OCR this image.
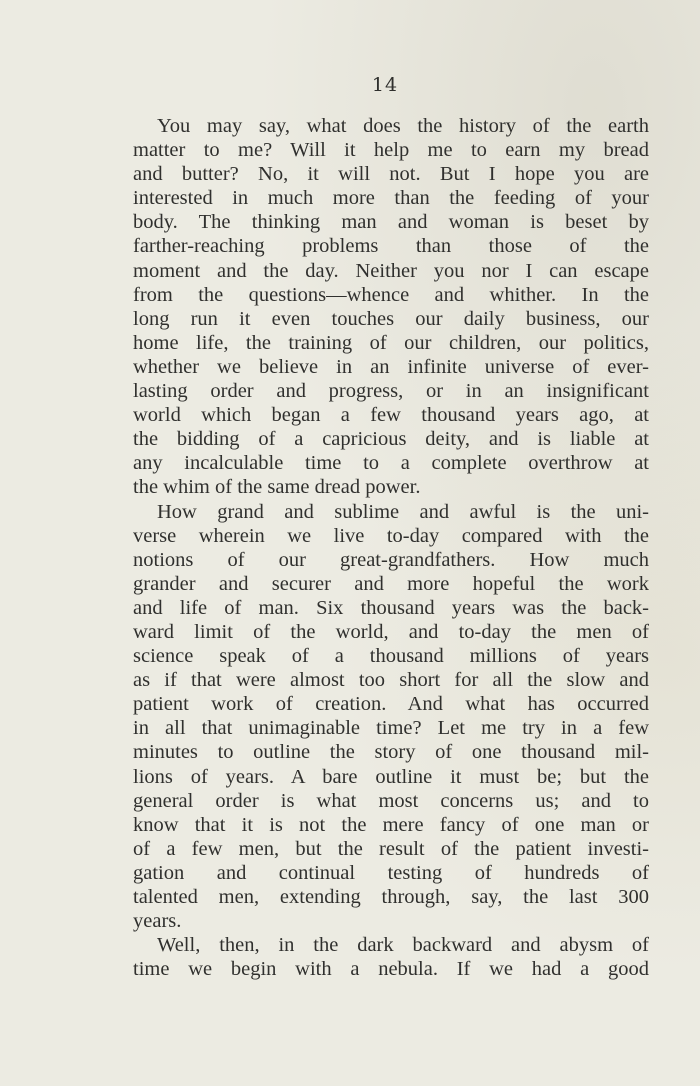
14
You may say, what does the history of the earth
matter to me? Will it help me to earn my bread
and butter? No, it will not. But I hope you are
interested in much more than the feeding of your
body. The thinking man and woman is beset by
farther-reaching problems than those of the
moment and the day. Neither you nor I can escape
from the questions—whence and whither. In the
long run it even touches our daily business, our
home life, the training of our children, our politics,
whether we believe in an infinite universe of ever-
lasting order and progress, or in an insignificant
world which began a few thousand years ago, at
the bidding of a capricious deity, and is liable at
any incalculable time to a complete overthrow at
the whim of the same dread power.
How grand and sublime and awful is the uni-
verse wherein we live to-day compared with the
notions of our great-grandfathers. How much
grander and securer and more hopeful the work
and life of man. Six thousand years was the back-
ward limit of the world, and to-day the men of
science speak of a thousand millions of years
as if that were almost too short for all the slow and
patient work of creation. And what has occurred
in all that unimaginable time? Let me try in a few
minutes to outline the story of one thousand mil-
lions of years. A bare outline it must be; but the
general order is what most concerns us; and to
know that it is not the mere fancy of one man or
of a few men, but the result of the patient investi-
gation and continual testing of hundreds of
talented men, extending through, say, the last 300
years.
Well, then, in the dark backward and abysm of
time we begin with a nebula. If we had a good
